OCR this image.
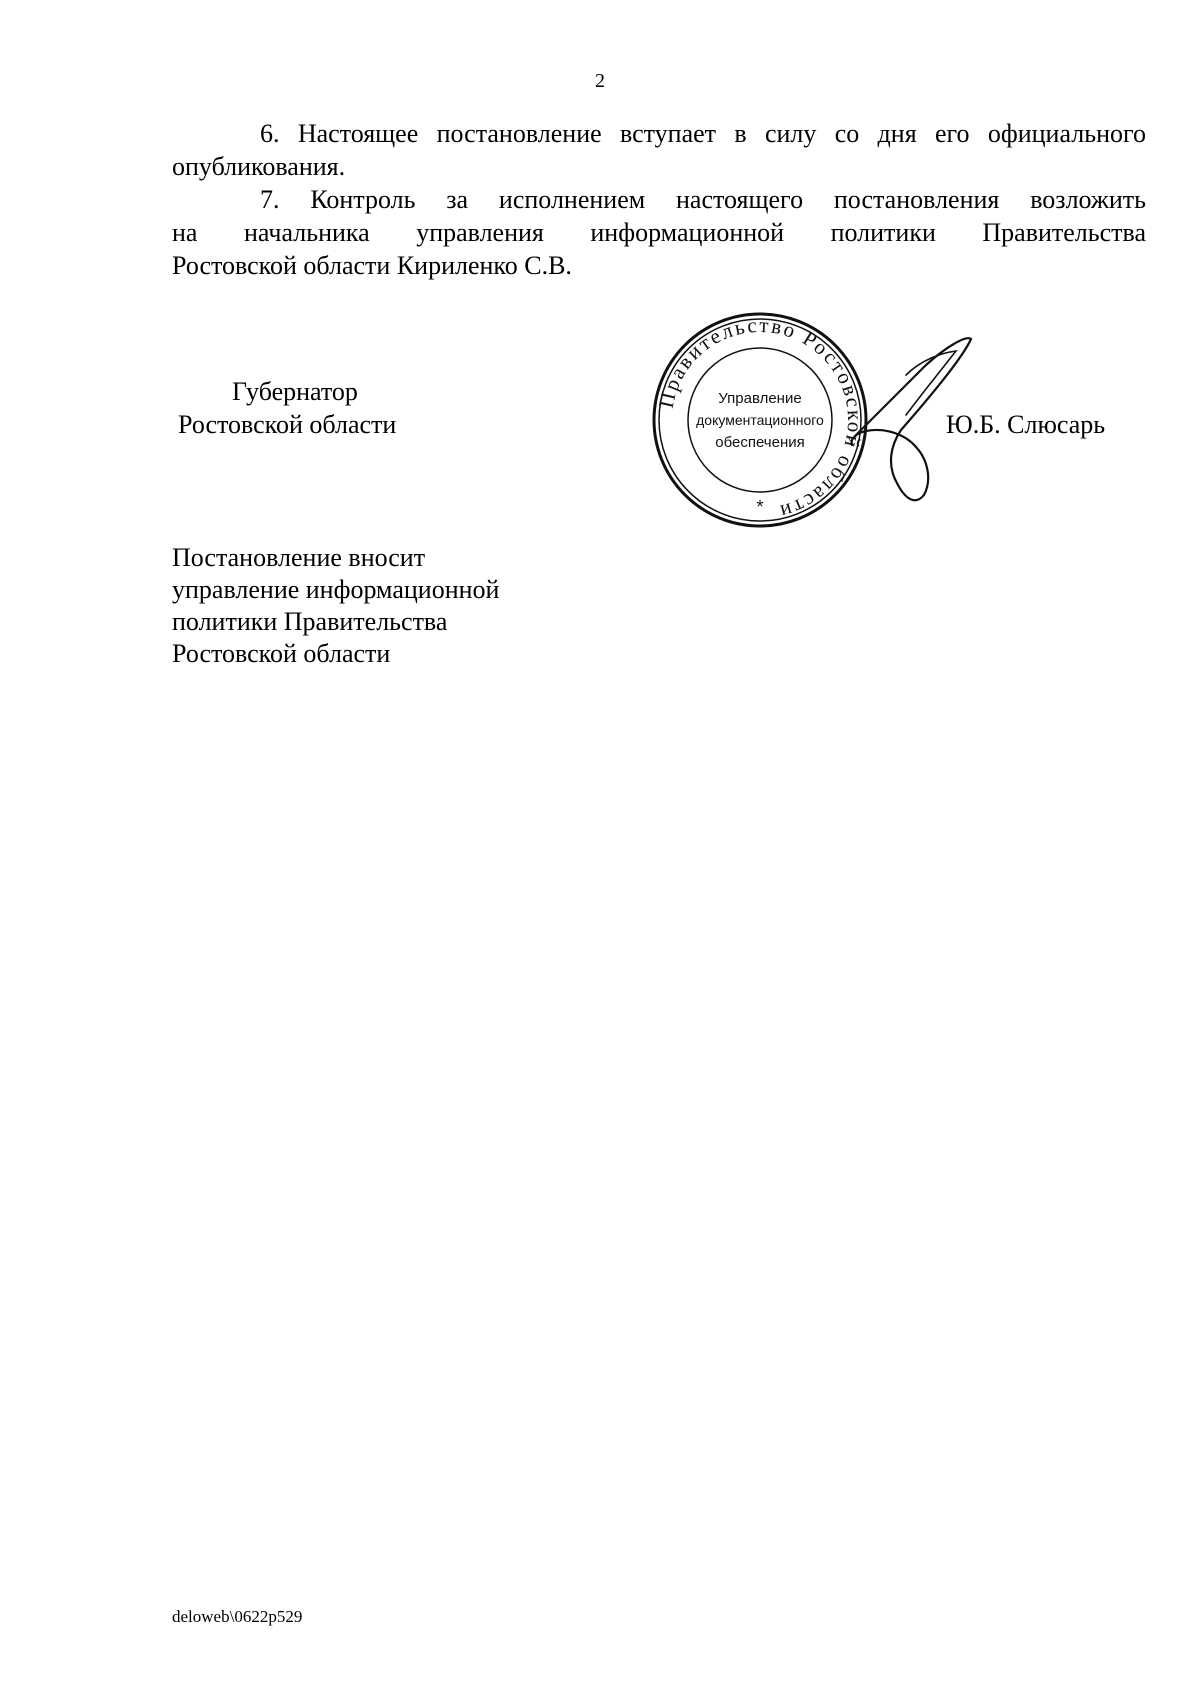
2
6. Настоящее постановление вступает в силу со дня его официального
опубликования.
7. Контроль за исполнением настоящего постановления возложить
на начальника управления информационной политики Правительства
Ростовской области Кириленко С.В.
Губернатор
Ростовской области
Правительство Ростовской области
Управление
документационного
обеспечения
*
Ю.Б. Слюсарь
Постановление вносит
управление информационной
политики Правительства
Ростовской области
deloweb\0622p529
